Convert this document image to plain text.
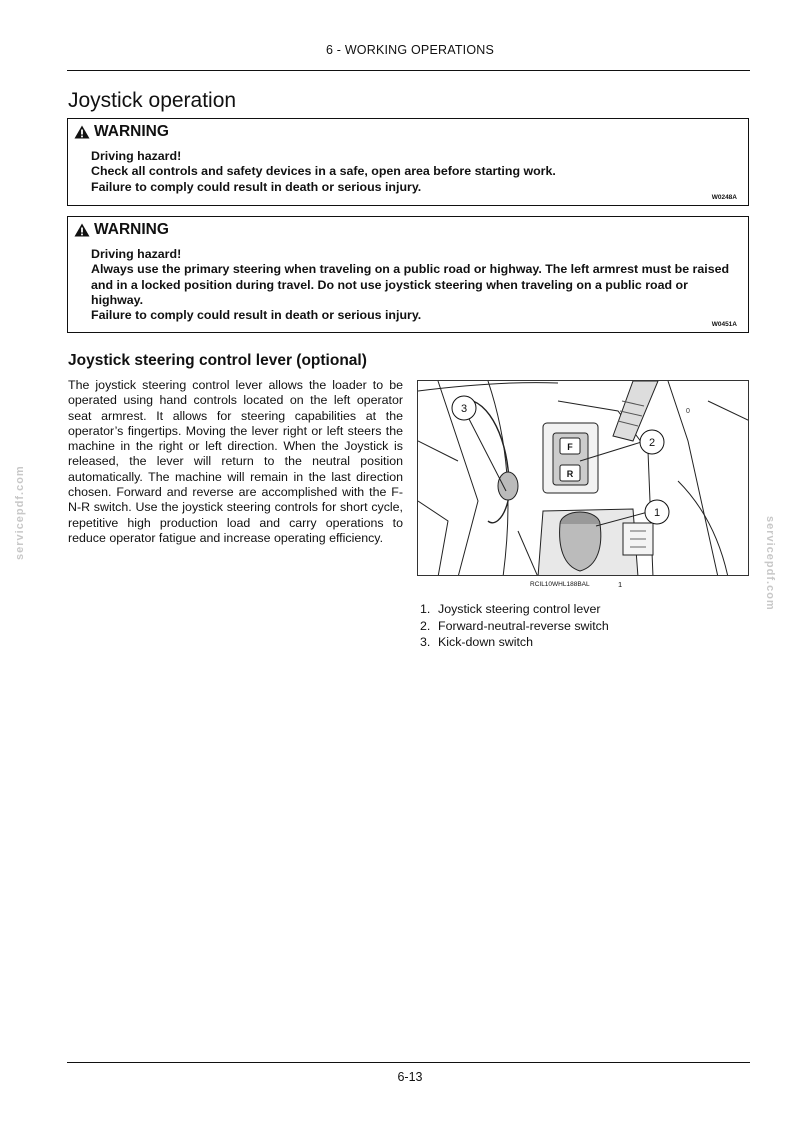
6 - WORKING OPERATIONS
Joystick operation
WARNING
Driving hazard!
Check all controls and safety devices in a safe, open area before starting work.
Failure to comply could result in death or serious injury.
W0248A
WARNING
Driving hazard!
Always use the primary steering when traveling on a public road or highway. The left armrest must be raised and in a locked position during travel. Do not use joystick steering when traveling on a public road or highway.
Failure to comply could result in death or serious injury.
W0451A
Joystick steering control lever (optional)

The joystick steering control lever allows the loader to be operated using hand controls located on the left operator seat armrest. It allows for steering capabilities at the operator’s fingertips. Moving the lever right or left steers the machine in the right or left direction. When the Joystick is released, the lever will return to the neutral position automatically. The machine will remain in the last direction chosen. Forward and reverse are accomplished with the F-N-R switch. Use the joystick steering controls for short cycle, repetitive high production load and carry operations to reduce operator fatigue and increase operating efficiency.

3
2
1
F
R
0
RCIL10WHL188BAL	1
1. Joystick steering control lever
2. Forward-neutral-reverse switch
3. Kick-down switch
servicepdf.com
servicepdf.com
6-13
